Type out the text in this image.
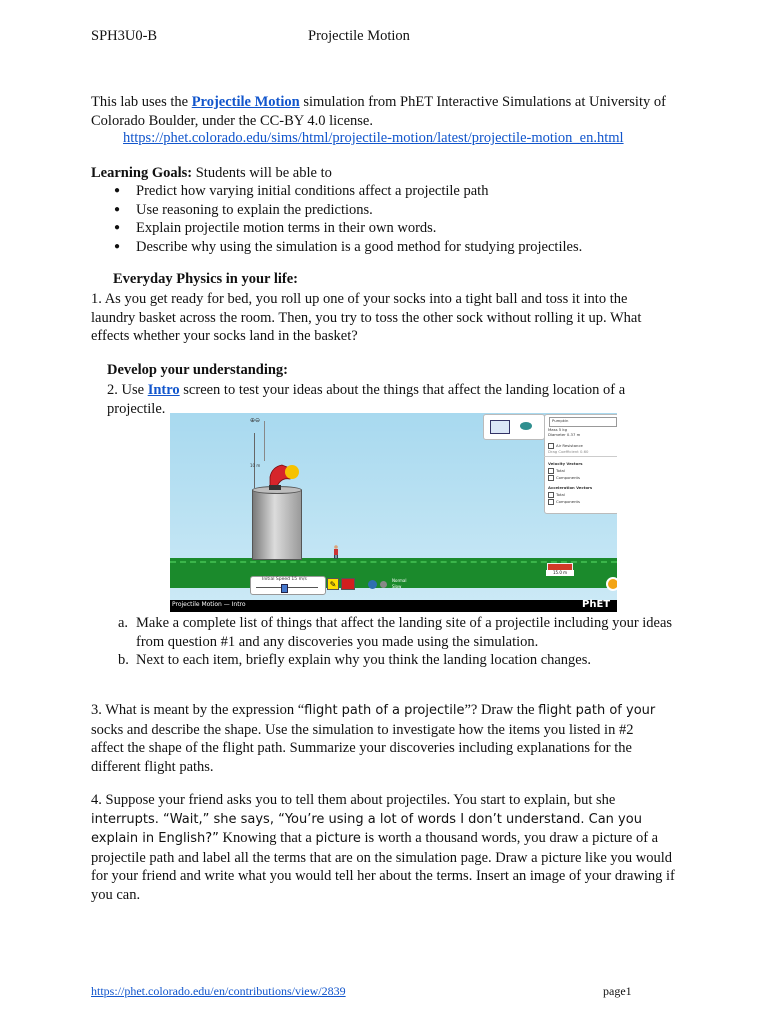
SPH3U0-B	Projectile Motion
This lab uses the Projectile Motion simulation from PhET Interactive Simulations at University of Colorado Boulder, under the CC-BY 4.0 license.
https://phet.colorado.edu/sims/html/projectile-motion/latest/projectile-motion_en.html
Learning Goals: Students will be able to
● Predict how varying initial conditions affect a projectile path
● Use reasoning to explain the predictions.
● Explain projectile motion terms in their own words.
● Describe why using the simulation is a good method for studying projectiles.
Everyday Physics in your life:
1. As you get ready for bed, you roll up one of your socks into a tight ball and toss it into the laundry basket across the room. Then, you try to toss the other sock without rolling it up. What effects whether your socks land in the basket?
Develop your understanding:
2. Use Intro screen to test your ideas about the things that affect the landing location of a projectile.
⊕⊖
10 m
15.0 m
Initial Speed 15 m/s
✎	Normal
Slow
Pumpkin
Mass 5 kg
Diameter 0.37 m
Air Resistance
Drag Coefficient 0.60
Velocity Vectors
Total
Components
Acceleration Vectors
Total
Components
Projectile Motion — Intro	PhET
a. Make a complete list of things that affect the landing site of a projectile including your ideas from question #1 and any discoveries you made using the simulation.
b. Next to each item, briefly explain why you think the landing location changes.
3. What is meant by the expression “flight path of a projectile”? Draw the flight path of your socks and describe the shape. Use the simulation to investigate how the items you listed in #2 affect the shape of the flight path. Summarize your discoveries including explanations for the different flight paths.
4. Suppose your friend asks you to tell them about projectiles. You start to explain, but she interrupts. “Wait,” she says, “You’re using a lot of words I don’t understand. Can you explain in English?” Knowing that a picture is worth a thousand words, you draw a picture of a projectile path and label all the terms that are on the simulation page. Draw a picture like you would for your friend and write what you would tell her about the terms. Insert an image of your drawing if you can.
https://phet.colorado.edu/en/contributions/view/2839	page1
